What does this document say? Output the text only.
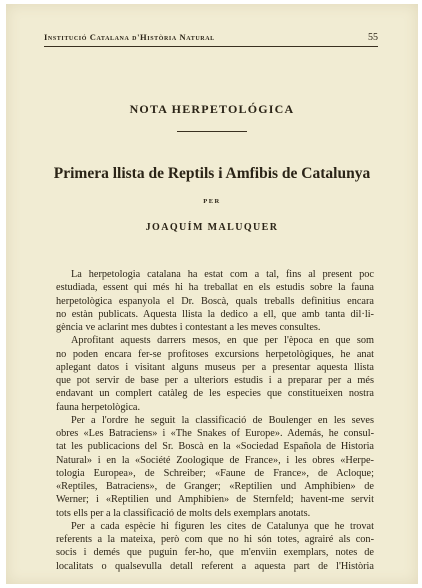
Institució Catalana d'Història Natural	55
NOTA HERPETOLÓGICA
Primera llista de Reptils i Amfibis de Catalunya
PER
JOAQUÍM MALUQUER
La herpetologia catalana ha estat com a tal, fins al present poc
estudiada, essent qui més hi ha treballat en els estudis sobre la fauna
herpetològica espanyola el Dr. Boscà, quals treballs definitius encara
no estàn publicats. Aquesta llista la dedico a ell, que amb tanta dil·li-
gència ve aclarint mes dubtes i contestant a les meves consultes.
Aprofitant aquests darrers mesos, en que per l'època en que som
no poden encara fer-se profitoses excursions herpetològiques, he anat
aplegant datos i visitant alguns museus per a presentar aquesta llista
que pot servir de base per a ulteriors estudis i a preparar per a més
endavant un complert catàleg de les especies que constitueixen nostra
fauna herpetològica.
Per a l'ordre he seguit la classificació de Boulenger en les seves
obres «Les Batraciens» i «The Snakes of Europe». Además, he consul-
tat les publicacions del Sr. Boscà en la «Sociedad Española de Historia
Natural» i en la «Société Zoologique de France», i les obres «Herpe-
tologia Europea», de Schreiber; «Faune de France», de Acloque;
«Reptiles, Batraciens», de Granger; «Reptilien und Amphibien» de
Werner; i «Reptilien und Amphibien» de Sternfeld; havent-me servit
tots ells per a la classificació de molts dels exemplars anotats.
Per a cada espècie hi figuren les cites de Catalunya que he trovat
referents a la mateixa, però com que no hi són totes, agrairé als con-
socis i demés que puguin fer-ho, que m'enviin exemplars, notes de
localitats o qualsevulla detall referent a aquesta part de l'Història
